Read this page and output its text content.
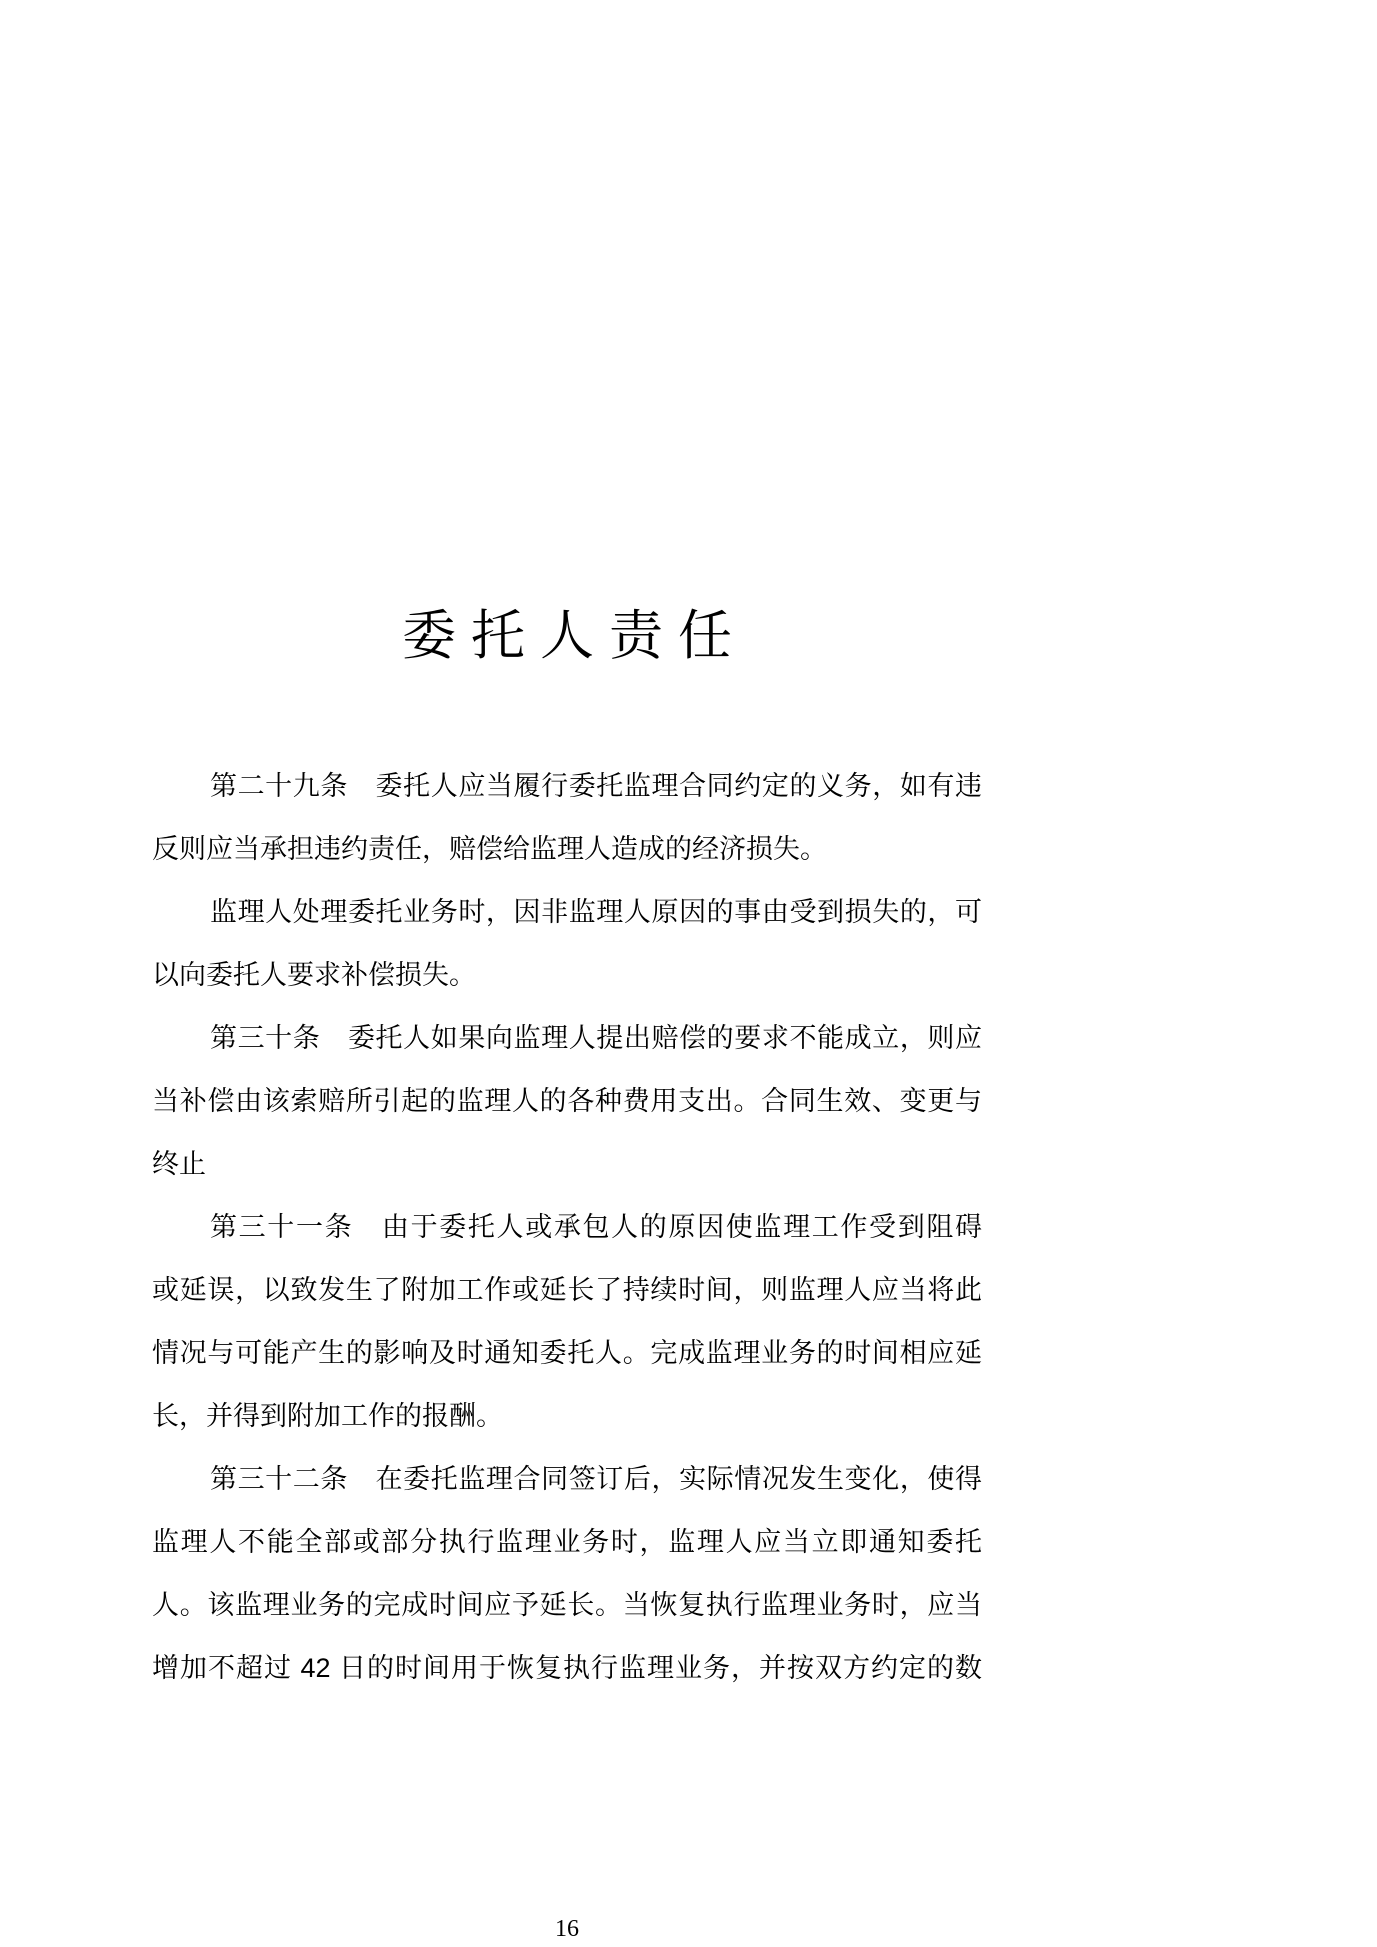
委 托 人 责 任
第二十九条　委托人应当履行委托监理合同约定的义务，如有违
反则应当承担违约责任，赔偿给监理人造成的经济损失。
监理人处理委托业务时，因非监理人原因的事由受到损失的，可
以向委托人要求补偿损失。
第三十条　委托人如果向监理人提出赔偿的要求不能成立，则应
当补偿由该索赔所引起的监理人的各种费用支出。合同生效、变更与
终止
第三十一条　由于委托人或承包人的原因使监理工作受到阻碍
或延误，以致发生了附加工作或延长了持续时间，则监理人应当将此
情况与可能产生的影响及时通知委托人。完成监理业务的时间相应延
长，并得到附加工作的报酬。
第三十二条　在委托监理合同签订后，实际情况发生变化，使得
监理人不能全部或部分执行监理业务时，监理人应当立即通知委托
人。该监理业务的完成时间应予延长。当恢复执行监理业务时，应当
增加不超过 42 日的时间用于恢复执行监理业务，并按双方约定的数
16
